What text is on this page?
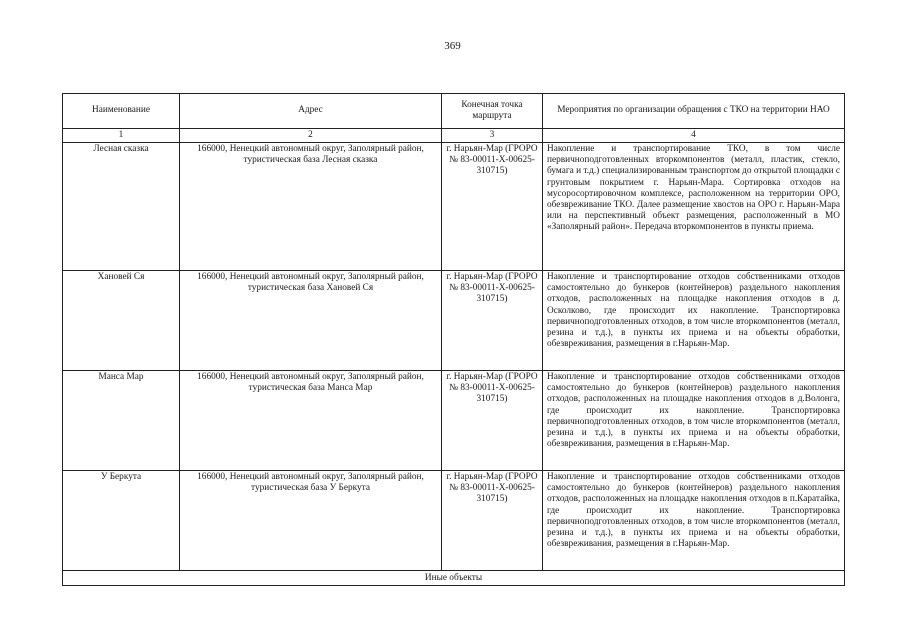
369
Наименование	Адрес	Конечная точка маршрута	Мероприятия по организации обращения с ТКО на территории НАО
1	2	3	4
Лесная сказка	166000, Ненецкий автономный округ, Заполярный район, туристическая база Лесная сказка	г. Нарьян-Мар (ГРОРО № 83-00011-Х-00625-310715)	Накопление и транспортирование ТКО, в том числе первичноподготовленных вторкомпонентов (металл, пластик, стекло, бумага и т.д.) специализированным транспортом до открытой площадки с грунтовым покрытием г. Нарьян-Мара. Сортировка отходов на мусоросортировочном комплексе, расположенном на территории ОРО, обезвреживание ТКО. Далее размещение хвостов на ОРО г. Нарьян-Мара или на перспективный объект размещения, расположенный в МО «Заполярный район». Передача вторкомпонентов в пункты приема.
Хановей Ся	166000, Ненецкий автономный округ, Заполярный район, туристическая база Хановей Ся	г. Нарьян-Мар (ГРОРО № 83-00011-Х-00625-310715)	Накопление и транспортирование отходов собственниками отходов самостоятельно до бункеров (контейнеров) раздельного накопления отходов, расположенных на площадке накопления отходов в д. Осколково, где происходит их накопление. Транспортировка первичноподготовленных отходов, в том числе вторкомпонентов (металл, резина и т.д.), в пункты их приема и на объекты обработки, обезвреживания, размещения в г.Нарьян-Мар.
Манса Мар	166000, Ненецкий автономный округ, Заполярный район, туристическая база Манса Мар	г. Нарьян-Мар (ГРОРО № 83-00011-Х-00625-310715)	Накопление и транспортирование отходов собственниками отходов самостоятельно до бункеров (контейнеров) раздельного накопления отходов, расположенных на площадке накопления отходов в д.Волонга, где происходит их накопление. Транспортировка первичноподготовленных отходов, в том числе вторкомпонентов (металл, резина и т.д.), в пункты их приема и на объекты обработки, обезвреживания, размещения в г.Нарьян-Мар.
У Беркута	166000, Ненецкий автономный округ, Заполярный район, туристическая база У Беркута	г. Нарьян-Мар (ГРОРО № 83-00011-Х-00625-310715)	Накопление и транспортирование отходов собственниками отходов самостоятельно до бункеров (контейнеров) раздельного накопления отходов, расположенных на площадке накопления отходов в п.Каратайка, где происходит их накопление. Транспортировка первичноподготовленных отходов, в том числе вторкомпонентов (металл, резина и т.д.), в пункты их приема и на объекты обработки, обезвреживания, размещения в г.Нарьян-Мар.
Иные объекты			
